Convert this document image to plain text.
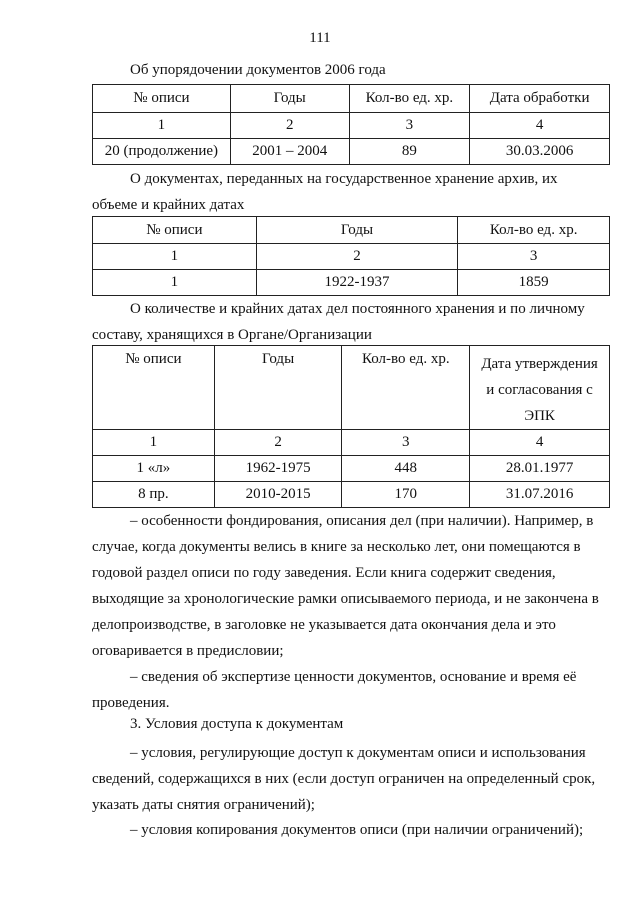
111
Об упорядочении документов 2006 года
№ описи	Годы	Кол-во ед. хр.	Дата обработки
1	2	3	4
20 (продолжение)	2001 – 2004	89	30.03.2006
О документах, переданных на государственное хранение архив, их
объеме и крайних датах
№ описи	Годы	Кол-во ед. хр.
1	2	3
1	1922-1937	1859
О количестве и крайних датах дел постоянного хранения и по личному
составу, хранящихся в Органе/Организации
№ описи	Годы	Кол-во ед. хр.	Дата утверждения
и согласования с
ЭПК

1	2	3	4
1 «л»	1962-1975	448	28.01.1977
8 пр.	2010-2015	170	31.07.2016
– особенности фондирования, описания дел (при наличии). Например, в
случае, когда документы велись в книге за несколько лет, они помещаются в
годовой раздел описи по году заведения. Если книга содержит сведения,
выходящие за хронологические рамки описываемого периода, и не закончена в
делопроизводстве, в заголовке не указывается дата окончания дела и это
оговаривается в предисловии;
– сведения об экспертизе ценности документов, основание и время её
проведения.
3. Условия доступа к документам
– условия, регулирующие доступ к документам описи и использования
сведений, содержащихся в них (если доступ ограничен на определенный срок,
указать даты снятия ограничений);
– условия копирования документов описи (при наличии ограничений);
